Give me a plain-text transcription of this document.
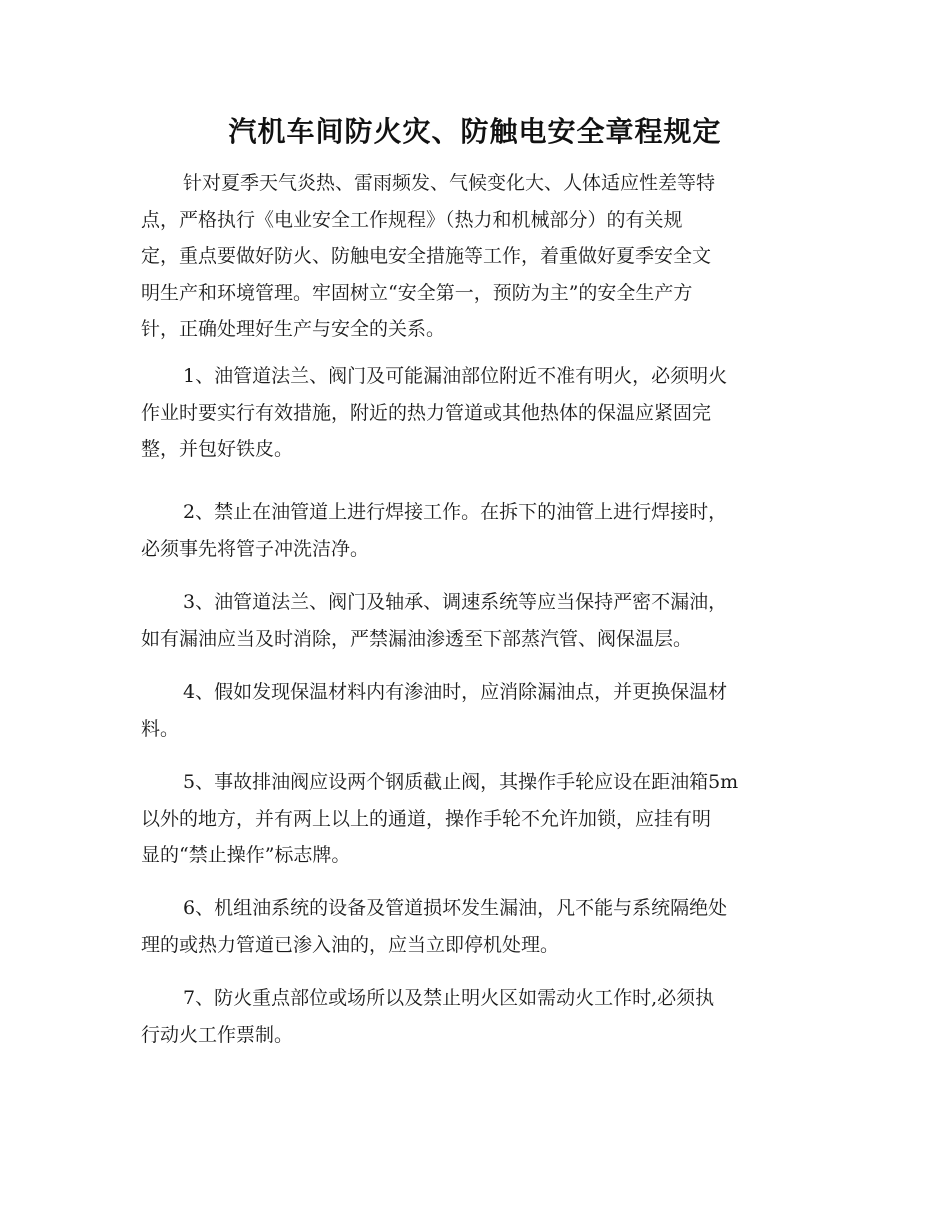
汽机车间防火灾、防触电安全章程规定
针对夏季天气炎热、雷雨频发、气候变化大、人体适应性差等特
点，严格执行《电业安全工作规程》（热力和机械部分）的有关规
定，重点要做好防火、防触电安全措施等工作，着重做好夏季安全文
明生产和环境管理。牢固树立“安全第一，预防为主”的安全生产方
针，正确处理好生产与安全的关系。
1、油管道法兰、阀门及可能漏油部位附近不准有明火，必须明火
作业时要实行有效措施，附近的热力管道或其他热体的保温应紧固完
整，并包好铁皮。
2、禁止在油管道上进行焊接工作。在拆下的油管上进行焊接时，
必须事先将管子冲洗洁净。
3、油管道法兰、阀门及轴承、调速系统等应当保持严密不漏油，
如有漏油应当及时消除，严禁漏油渗透至下部蒸汽管、阀保温层。
4、假如发现保温材料内有渗油时，应消除漏油点，并更换保温材
料。
5、事故排油阀应设两个钢质截止阀，其操作手轮应设在距油箱5m
以外的地方，并有两上以上的通道，操作手轮不允许加锁，应挂有明
显的“禁止操作”标志牌。
6、机组油系统的设备及管道损坏发生漏油，凡不能与系统隔绝处
理的或热力管道已渗入油的，应当立即停机处理。
7、防火重点部位或场所以及禁止明火区如需动火工作时,必须执
行动火工作票制。
